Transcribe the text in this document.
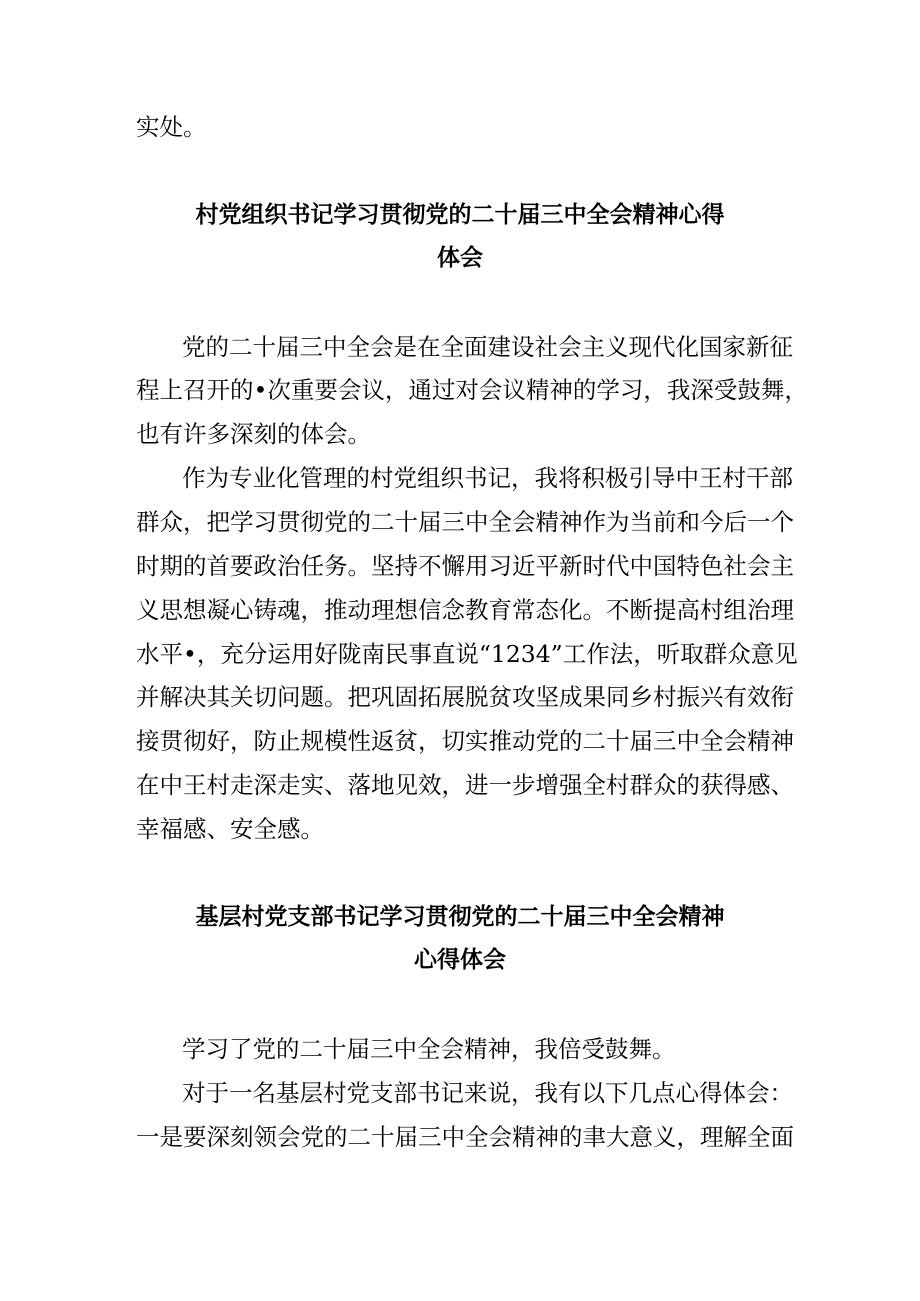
实处。
村党组织书记学习贯彻党的二十届三中全会精神心得
体会
党的二十届三中全会是在全面建设社会主义现代化国家新征
程上召开的•次重要会议，通过对会议精神的学习，我深受鼓舞，
也有许多深刻的体会。
作为专业化管理的村党组织书记，我将积极引导中王村干部
群众，把学习贯彻党的二十届三中全会精神作为当前和今后一个
时期的首要政治任务。坚持不懈用习近平新时代中国特色社会主
义思想凝心铸魂，推动理想信念教育常态化。不断提高村组治理
水平•，充分运用好陇南民事直说“1234”工作法，听取群众意见
并解决其关切问题。把巩固拓展脱贫攻坚成果同乡村振兴有效衔
接贯彻好，防止规模性返贫，切实推动党的二十届三中全会精神
在中王村走深走实、落地见效，进一步增强全村群众的获得感、
幸福感、安全感。
基层村党支部书记学习贯彻党的二十届三中全会精神
心得体会
学习了党的二十届三中全会精神，我倍受鼓舞。
对于一名基层村党支部书记来说，我有以下几点心得体会：
一是要深刻领会党的二十届三中全会精神的聿大意义，理解全面
